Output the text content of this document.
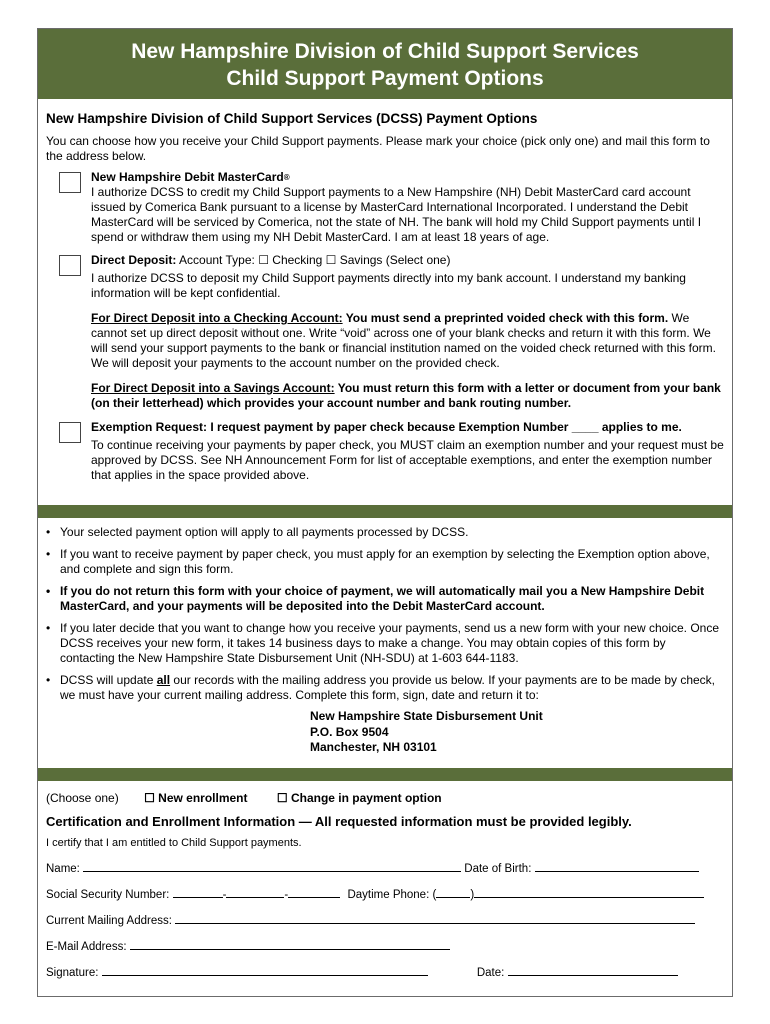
New Hampshire Division of Child Support Services
Child Support Payment Options
New Hampshire Division of Child Support Services (DCSS) Payment Options
You can choose how you receive your Child Support payments. Please mark your choice (pick only one) and mail this form to the address below.

New Hampshire Debit MasterCard®

I authorize DCSS to credit my Child Support payments to a New Hampshire (NH) Debit MasterCard card account issued by Comerica Bank pursuant to a license by MasterCard International Incorporated. I understand the Debit MasterCard will be serviced by Comerica, not the state of NH. The bank will hold my Child Support payments until I spend or withdraw them using my NH Debit MasterCard. I am at least 18 years of age.

Direct Deposit: Account Type: ☐ Checking ☐ Savings (Select one)

I authorize DCSS to deposit my Child Support payments directly into my bank account. I understand my banking information will be kept confidential.

For Direct Deposit into a Checking Account: You must send a preprinted voided check with this form. We cannot set up direct deposit without one. Write “void” across one of your blank checks and return it with this form. We will send your support payments to the bank or financial institution named on the voided check returned with this form. We will deposit your payments to the account number on the provided check.

For Direct Deposit into a Savings Account: You must return this form with a letter or document from your bank (on their letterhead) which provides your account number and bank routing number.

Exemption Request: I request payment by paper check because Exemption Number ____ applies to me.

To continue receiving your payments by paper check, you MUST claim an exemption number and your request must be approved by DCSS. See NH Announcement Form for list of acceptable exemptions, and enter the exemption number that applies in the space provided above.

• Your selected payment option will apply to all payments processed by DCSS.
• If you want to receive payment by paper check, you must apply for an exemption by selecting the Exemption option above, and complete and sign this form.
• If you do not return this form with your choice of payment, we will automatically mail you a New Hampshire Debit MasterCard, and your payments will be deposited into the Debit MasterCard account.
• If you later decide that you want to change how you receive your payments, send us a new form with your new choice. Once DCSS receives your new form, it takes 14 business days to make a change. You may obtain copies of this form by contacting the New Hampshire State Disbursement Unit (NH-SDU) at 1-603 644-1183.
• DCSS will update all our records with the mailing address you provide us below. If your payments are to be made by check, we must have your current mailing address. Complete this form, sign, date and return it to:
New Hampshire State Disbursement Unit
P.O. Box 9504
Manchester, NH 03101
(Choose one) ☐ New enrollment ☐ Change in payment option
Certification and Enrollment Information — All requested information must be provided legibly.
I certify that I am entitled to Child Support payments.
Name:	Date of Birth:
Social Security Number:	-	-	Daytime Phone: (	)
Current Mailing Address:
E-Mail Address:
Signature:	Date:
